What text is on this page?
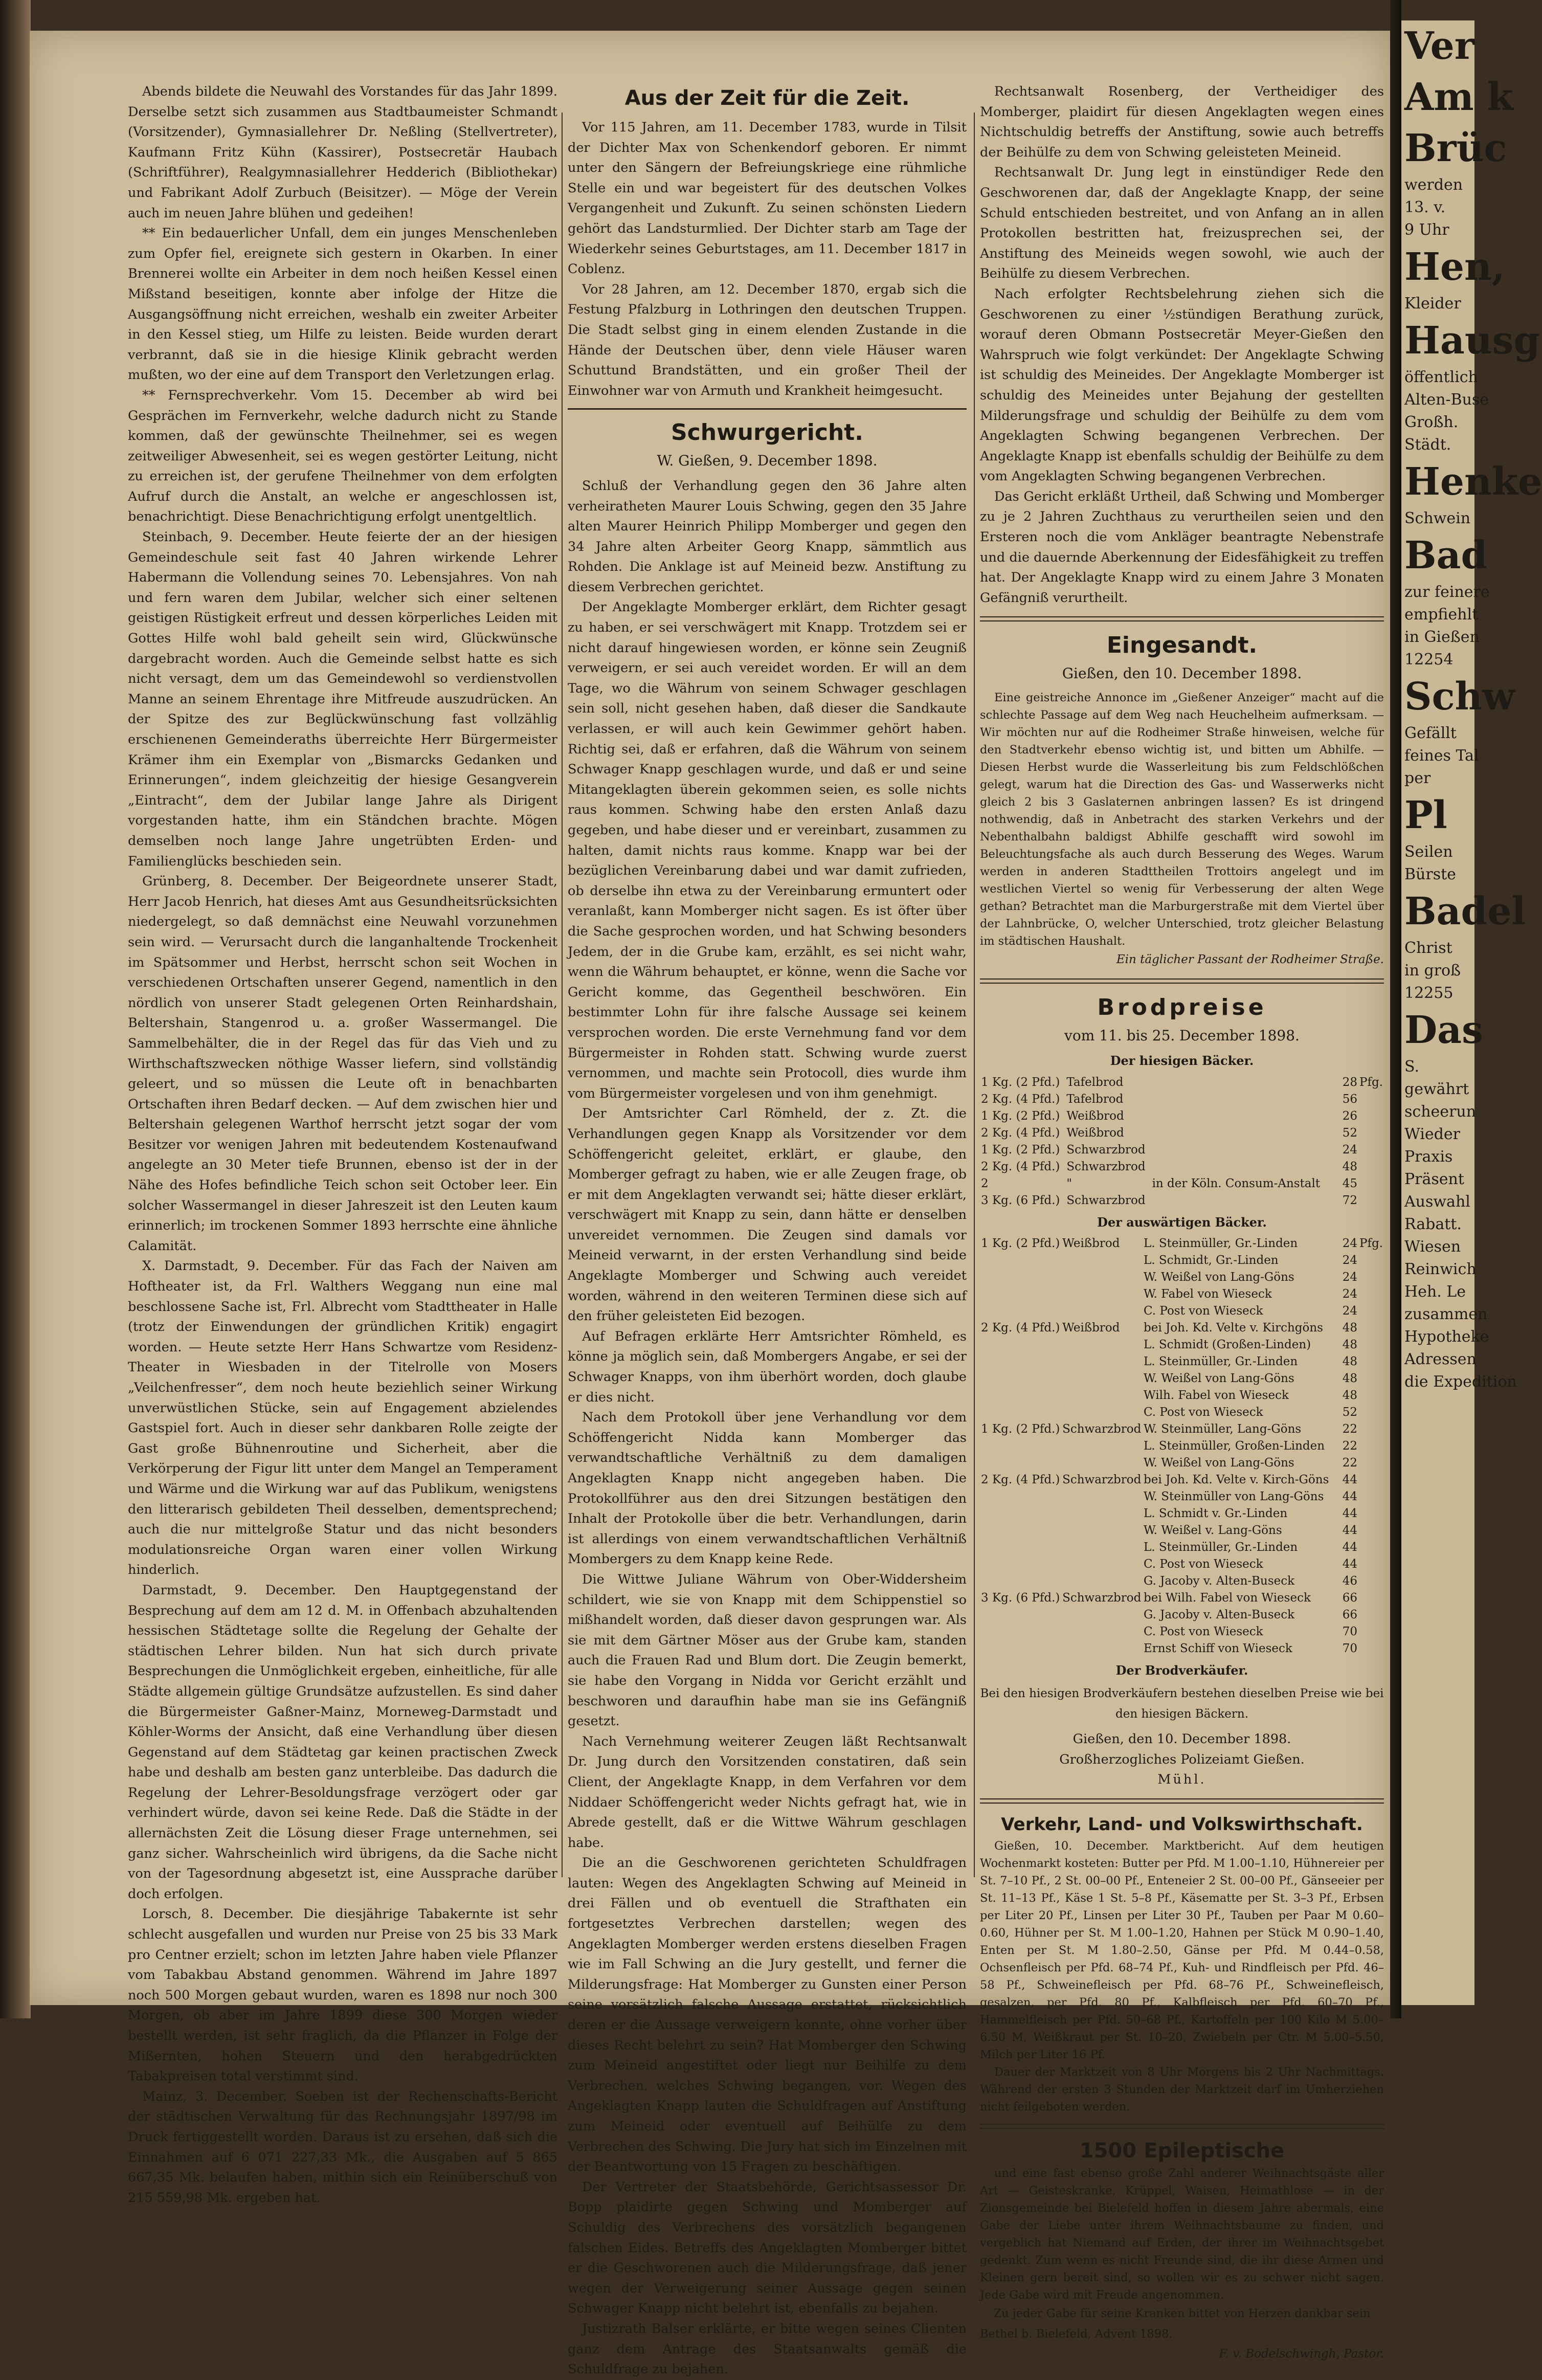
Ver
Am k
Brüc
werden
13. v.
9 Uhr
Hen,
Kleider
Hausg
öffentlich
Alten-Buse
Großh.
Städt.
Henke
Schwein
Bad
zur feinere
empfiehlt
in Gießen
12254
Schw
Gefällt
feines Tal
per
Pl
Seilen
Bürste
Badel
Christ
in groß
12255
Das
S.
gewährt
scheerun
Wieder
Praxis
Präsent
Auswahl
Rabatt.
Wiesen
Reinwich
Heh. Le
zusammen
Hypotheke
Adressen
die Expedition

Abends bildete die Neuwahl des Vorstandes für das Jahr 1899. Derselbe setzt sich zusammen aus Stadtbaumeister Schmandt (Vorsitzender), Gymnasiallehrer Dr. Neßling (Stellvertreter), Kaufmann Fritz Kühn (Kassirer), Postsecretär Haubach (Schriftführer), Realgymnasiallehrer Hedderich (Bibliothekar) und Fabrikant Adolf Zurbuch (Beisitzer). — Möge der Verein auch im neuen Jahre blühen und gedeihen!

** Ein bedauerlicher Unfall, dem ein junges Menschenleben zum Opfer fiel, ereignete sich gestern in Okarben. In einer Brennerei wollte ein Arbeiter in dem noch heißen Kessel einen Mißstand beseitigen, konnte aber infolge der Hitze die Ausgangsöffnung nicht erreichen, weshalb ein zweiter Arbeiter in den Kessel stieg, um Hilfe zu leisten. Beide wurden derart verbrannt, daß sie in die hiesige Klinik gebracht werden mußten, wo der eine auf dem Transport den Verletzungen erlag.

** Fernsprechverkehr. Vom 15. December ab wird bei Gesprächen im Fernverkehr, welche dadurch nicht zu Stande kommen, daß der gewünschte Theilnehmer, sei es wegen zeitweiliger Abwesenheit, sei es wegen gestörter Leitung, nicht zu erreichen ist, der gerufene Theilnehmer von dem erfolgten Aufruf durch die Anstalt, an welche er angeschlossen ist, benachrichtigt. Diese Benachrichtigung erfolgt unentgeltlich.

Steinbach, 9. December. Heute feierte der an der hiesigen Gemeindeschule seit fast 40 Jahren wirkende Lehrer Habermann die Vollendung seines 70. Lebensjahres. Von nah und fern waren dem Jubilar, welcher sich einer seltenen geistigen Rüstigkeit erfreut und dessen körperliches Leiden mit Gottes Hilfe wohl bald geheilt sein wird, Glückwünsche dargebracht worden. Auch die Gemeinde selbst hatte es sich nicht versagt, dem um das Gemeindewohl so verdienstvollen Manne an seinem Ehrentage ihre Mitfreude auszudrücken. An der Spitze des zur Beglückwünschung fast vollzählig erschienenen Gemeinderaths überreichte Herr Bürgermeister Krämer ihm ein Exemplar von „Bismarcks Gedanken und Erinnerungen“, indem gleichzeitig der hiesige Gesangverein „Eintracht“, dem der Jubilar lange Jahre als Dirigent vorgestanden hatte, ihm ein Ständchen brachte. Mögen demselben noch lange Jahre ungetrübten Erden- und Familienglücks beschieden sein.

Grünberg, 8. December. Der Beigeordnete unserer Stadt, Herr Jacob Henrich, hat dieses Amt aus Gesundheitsrücksichten niedergelegt, so daß demnächst eine Neuwahl vorzunehmen sein wird. — Verursacht durch die langanhaltende Trockenheit im Spätsommer und Herbst, herrscht schon seit Wochen in verschiedenen Ortschaften unserer Gegend, namentlich in den nördlich von unserer Stadt gelegenen Orten Reinhardshain, Beltershain, Stangenrod u. a. großer Wassermangel. Die Sammelbehälter, die in der Regel das für das Vieh und zu Wirthschaftszwecken nöthige Wasser liefern, sind vollständig geleert, und so müssen die Leute oft in benachbarten Ortschaften ihren Bedarf decken. — Auf dem zwischen hier und Beltershain gelegenen Warthof herrscht jetzt sogar der vom Besitzer vor wenigen Jahren mit bedeutendem Kostenaufwand angelegte an 30 Meter tiefe Brunnen, ebenso ist der in der Nähe des Hofes befindliche Teich schon seit October leer. Ein solcher Wassermangel in dieser Jahreszeit ist den Leuten kaum erinnerlich; im trockenen Sommer 1893 herrschte eine ähnliche Calamität.

X. Darmstadt, 9. December. Für das Fach der Naiven am Hoftheater ist, da Frl. Walthers Weggang nun eine mal beschlossene Sache ist, Frl. Albrecht vom Stadttheater in Halle (trotz der Einwendungen der gründlichen Kritik) engagirt worden. — Heute setzte Herr Hans Schwartze vom Residenz-Theater in Wiesbaden in der Titelrolle von Mosers „Veilchenfresser“, dem noch heute beziehlich seiner Wirkung unverwüstlichen Stücke, sein auf Engagement abzielendes Gastspiel fort. Auch in dieser sehr dankbaren Rolle zeigte der Gast große Bühnenroutine und Sicherheit, aber die Verkörperung der Figur litt unter dem Mangel an Temperament und Wärme und die Wirkung war auf das Publikum, wenigstens den litterarisch gebildeten Theil desselben, dementsprechend; auch die nur mittelgroße Statur und das nicht besonders modulationsreiche Organ waren einer vollen Wirkung hinderlich.

Darmstadt, 9. December. Den Hauptgegenstand der Besprechung auf dem am 12 d. M. in Offenbach abzuhaltenden hessischen Städtetage sollte die Regelung der Gehalte der städtischen Lehrer bilden. Nun hat sich durch private Besprechungen die Unmöglichkeit ergeben, einheitliche, für alle Städte allgemein gültige Grundsätze aufzustellen. Es sind daher die Bürgermeister Gaßner-Mainz, Morneweg-Darmstadt und Köhler-Worms der Ansicht, daß eine Verhandlung über diesen Gegenstand auf dem Städtetag gar keinen practischen Zweck habe und deshalb am besten ganz unterbleibe. Das dadurch die Regelung der Lehrer-Besoldungsfrage verzögert oder gar verhindert würde, davon sei keine Rede. Daß die Städte in der allernächsten Zeit die Lösung dieser Frage unternehmen, sei ganz sicher. Wahrscheinlich wird übrigens, da die Sache nicht von der Tagesordnung abgesetzt ist, eine Aussprache darüber doch erfolgen.

Lorsch, 8. December. Die diesjährige Tabakernte ist sehr schlecht ausgefallen und wurden nur Preise von 25 bis 33 Mark pro Centner erzielt; schon im letzten Jahre haben viele Pflanzer vom Tabakbau Abstand genommen. Während im Jahre 1897 noch 500 Morgen gebaut wurden, waren es 1898 nur noch 300 Morgen, ob aber im Jahre 1899 diese 300 Morgen wieder bestellt werden, ist sehr fraglich, da die Pflanzer in Folge der Mißernten, hohen Steuern und den herabgedrückten Tabakpreisen total verstimmt sind.

Mainz, 3. December. Soeben ist der Rechenschafts-Bericht der städtischen Verwaltung für das Rechnungsjahr 1897/98 im Druck fertiggestellt worden. Daraus ist zu ersehen, daß sich die Einnahmen auf 6 071 227,33 Mk., die Ausgaben auf 5 865 667,35 Mk. belaufen haben, mithin sich ein Reinüberschuß von 215 559,98 Mk. ergeben hat.

Aus der Zeit für die Zeit.

Vor 115 Jahren, am 11. December 1783, wurde in Tilsit der Dichter Max von Schenkendorf geboren. Er nimmt unter den Sängern der Befreiungskriege eine rühmliche Stelle ein und war begeistert für des deutschen Volkes Vergangenheit und Zukunft. Zu seinen schönsten Liedern gehört das Landsturmlied. Der Dichter starb am Tage der Wiederkehr seines Geburtstages, am 11. December 1817 in Coblenz.

Vor 28 Jahren, am 12. December 1870, ergab sich die Festung Pfalzburg in Lothringen den deutschen Truppen. Die Stadt selbst ging in einem elenden Zustande in die Hände der Deutschen über, denn viele Häuser waren Schuttund Brandstätten, und ein großer Theil der Einwohner war von Armuth und Krankheit heimgesucht.

Schwurgericht.
W. Gießen, 9. December 1898.

Schluß der Verhandlung gegen den 36 Jahre alten verheiratheten Maurer Louis Schwing, gegen den 35 Jahre alten Maurer Heinrich Philipp Momberger und gegen den 34 Jahre alten Arbeiter Georg Knapp, sämmtlich aus Rohden. Die Anklage ist auf Meineid bezw. Anstiftung zu diesem Verbrechen gerichtet.

Der Angeklagte Momberger erklärt, dem Richter gesagt zu haben, er sei verschwägert mit Knapp. Trotzdem sei er nicht darauf hingewiesen worden, er könne sein Zeugniß verweigern, er sei auch vereidet worden. Er will an dem Tage, wo die Währum von seinem Schwager geschlagen sein soll, nicht gesehen haben, daß dieser die Sandkaute verlassen, er will auch kein Gewimmer gehört haben. Richtig sei, daß er erfahren, daß die Währum von seinem Schwager Knapp geschlagen wurde, und daß er und seine Mitangeklagten überein gekommen seien, es solle nichts raus kommen. Schwing habe den ersten Anlaß dazu gegeben, und habe dieser und er vereinbart, zusammen zu halten, damit nichts raus komme. Knapp war bei der bezüglichen Vereinbarung dabei und war damit zufrieden, ob derselbe ihn etwa zu der Vereinbarung ermuntert oder veranlaßt, kann Momberger nicht sagen. Es ist öfter über die Sache gesprochen worden, und hat Schwing besonders Jedem, der in die Grube kam, erzählt, es sei nicht wahr, wenn die Währum behauptet, er könne, wenn die Sache vor Gericht komme, das Gegentheil beschwören. Ein bestimmter Lohn für ihre falsche Aussage sei keinem versprochen worden. Die erste Vernehmung fand vor dem Bürgermeister in Rohden statt. Schwing wurde zuerst vernommen, und machte sein Protocoll, dies wurde ihm vom Bürgermeister vorgelesen und von ihm genehmigt.

Der Amtsrichter Carl Römheld, der z. Zt. die Verhandlungen gegen Knapp als Vorsitzender vor dem Schöffengericht geleitet, erklärt, er glaube, den Momberger gefragt zu haben, wie er alle Zeugen frage, ob er mit dem Angeklagten verwandt sei; hätte dieser erklärt, verschwägert mit Knapp zu sein, dann hätte er denselben unvereidet vernommen. Die Zeugen sind damals vor Meineid verwarnt, in der ersten Verhandlung sind beide Angeklagte Momberger und Schwing auch vereidet worden, während in den weiteren Terminen diese sich auf den früher geleisteten Eid bezogen.

Auf Befragen erklärte Herr Amtsrichter Römheld, es könne ja möglich sein, daß Mombergers Angabe, er sei der Schwager Knapps, von ihm überhört worden, doch glaube er dies nicht.

Nach dem Protokoll über jene Verhandlung vor dem Schöffengericht Nidda kann Momberger das verwandtschaftliche Verhältniß zu dem damaligen Angeklagten Knapp nicht angegeben haben. Die Protokollführer aus den drei Sitzungen bestätigen den Inhalt der Protokolle über die betr. Verhandlungen, darin ist allerdings von einem verwandtschaftlichen Verhältniß Mombergers zu dem Knapp keine Rede.

Die Wittwe Juliane Währum von Ober-Widdersheim schildert, wie sie von Knapp mit dem Schippenstiel so mißhandelt worden, daß dieser davon gesprungen war. Als sie mit dem Gärtner Möser aus der Grube kam, standen auch die Frauen Rad und Blum dort. Die Zeugin bemerkt, sie habe den Vorgang in Nidda vor Gericht erzählt und beschworen und daraufhin habe man sie ins Gefängniß gesetzt.

Nach Vernehmung weiterer Zeugen läßt Rechtsanwalt Dr. Jung durch den Vorsitzenden constatiren, daß sein Client, der Angeklagte Knapp, in dem Verfahren vor dem Niddaer Schöffengericht weder Nichts gefragt hat, wie in Abrede gestellt, daß er die Wittwe Währum geschlagen habe.

Die an die Geschworenen gerichteten Schuldfragen lauten: Wegen des Angeklagten Schwing auf Meineid in drei Fällen und ob eventuell die Strafthaten ein fortgesetztes Verbrechen darstellen; wegen des Angeklagten Momberger werden erstens dieselben Fragen wie im Fall Schwing an die Jury gestellt, und ferner die Milderungsfrage: Hat Momberger zu Gunsten einer Person seine vorsätzlich falsche Aussage erstattet, rücksichtlich deren er die Aussage verweigern konnte, ohne vorher über dieses Recht belehrt zu sein? Hat Momberger den Schwing zum Meineid angestiftet oder liegt nur Beihilfe zu dem Verbrechen, welches Schwing begangen, vor. Wegen des Angeklagten Knapp lauten die Schuldfragen auf Anstiftung zum Meineid oder eventuell auf Beihülfe zu dem Verbrechen des Schwing. Die Jury hat sich im Einzelnen mit der Beantwortung von 15 Fragen zu beschäftigen.

Der Vertreter der Staatsbehörde, Gerichtsassessor Dr. Bopp plaidirte gegen Schwing und Momberger auf Schuldig des Verbrechens des vorsätzlich begangenen falschen Eides. Betreffs des Angeklagten Momberger bittet er die Geschworenen auch die Milderungsfrage, daß jener wegen der Verweigerung seiner Aussage gegen seinen Schwager Knapp nicht belehrt ist, ebenfalls zu bejahen.

Justizrath Balser erklärte, er bitte wegen seines Clienten ganz dem Antrage des Staatsanwalts gemäß die Schuldfrage zu bejahen.

Rechtsanwalt Rosenberg, der Vertheidiger des Momberger, plaidirt für diesen Angeklagten wegen eines Nichtschuldig betreffs der Anstiftung, sowie auch betreffs der Beihülfe zu dem von Schwing geleisteten Meineid.

Rechtsanwalt Dr. Jung legt in einstündiger Rede den Geschworenen dar, daß der Angeklagte Knapp, der seine Schuld entschieden bestreitet, und von Anfang an in allen Protokollen bestritten hat, freizusprechen sei, der Anstiftung des Meineids wegen sowohl, wie auch der Beihülfe zu diesem Verbrechen.

Nach erfolgter Rechtsbelehrung ziehen sich die Geschworenen zu einer ½stündigen Berathung zurück, worauf deren Obmann Postsecretär Meyer-Gießen den Wahrspruch wie folgt verkündet: Der Angeklagte Schwing ist schuldig des Meineides. Der Angeklagte Momberger ist schuldig des Meineides unter Bejahung der gestellten Milderungsfrage und schuldig der Beihülfe zu dem vom Angeklagten Schwing begangenen Verbrechen. Der Angeklagte Knapp ist ebenfalls schuldig der Beihülfe zu dem vom Angeklagten Schwing begangenen Verbrechen.

Das Gericht erkläßt Urtheil, daß Schwing und Momberger zu je 2 Jahren Zuchthaus zu verurtheilen seien und den Ersteren noch die vom Ankläger beantragte Nebenstrafe und die dauernde Aberkennung der Eidesfähigkeit zu treffen hat. Der Angeklagte Knapp wird zu einem Jahre 3 Monaten Gefängniß verurtheilt.

Eingesandt.
Gießen, den 10. December 1898.

Eine geistreiche Annonce im „Gießener Anzeiger“ macht auf die schlechte Passage auf dem Weg nach Heuchelheim aufmerksam. — Wir möchten nur auf die Rodheimer Straße hinweisen, welche für den Stadtverkehr ebenso wichtig ist, und bitten um Abhilfe. — Diesen Herbst wurde die Wasserleitung bis zum Feldschlößchen gelegt, warum hat die Direction des Gas- und Wasserwerks nicht gleich 2 bis 3 Gaslaternen anbringen lassen? Es ist dringend nothwendig, daß in Anbetracht des starken Verkehrs und der Nebenthalbahn baldigst Abhilfe geschafft wird sowohl im Beleuchtungsfache als auch durch Besserung des Weges. Warum werden in anderen Stadttheilen Trottoirs angelegt und im westlichen Viertel so wenig für Verbesserung der alten Wege gethan? Betrachtet man die Marburgerstraße mit dem Viertel über der Lahnbrücke, O, welcher Unterschied, trotz gleicher Belastung im städtischen Haushalt.

Ein täglicher Passant der Rodheimer Straße.

Brodpreise
vom 11. bis 25. December 1898.
Der hiesigen Bäcker.
1 Kg. (2 Pfd.)	Tafelbrod		28	Pfg.
2 Kg. (4 Pfd.)	Tafelbrod		56	
1 Kg. (2 Pfd.)	Weißbrod		26	
2 Kg. (4 Pfd.)	Weißbrod		52	
1 Kg. (2 Pfd.)	Schwarzbrod		24	
2 Kg. (4 Pfd.)	Schwarzbrod		48	
2	"	in der Köln. Consum-Anstalt	45	
3 Kg. (6 Pfd.)	Schwarzbrod		72	
Der auswärtigen Bäcker.
1 Kg. (2 Pfd.)	Weißbrod	L. Steinmüller, Gr.-Linden	24	Pfg.
		L. Schmidt, Gr.-Linden	24	
		W. Weißel von Lang-Göns	24	
		W. Fabel von Wieseck	24	
		C. Post von Wieseck	24	
2 Kg. (4 Pfd.)	Weißbrod	bei Joh. Kd. Velte v. Kirchgöns	48	
		L. Schmidt (Großen-Linden)	48	
		L. Steinmüller, Gr.-Linden	48	
		W. Weißel von Lang-Göns	48	
		Wilh. Fabel von Wieseck	48	
		C. Post von Wieseck	52	
1 Kg. (2 Pfd.)	Schwarzbrod	W. Steinmüller, Lang-Göns	22	
		L. Steinmüller, Großen-Linden	22	
		W. Weißel von Lang-Göns	22	
2 Kg. (4 Pfd.)	Schwarzbrod	bei Joh. Kd. Velte v. Kirch-Göns	44	
		W. Steinmüller von Lang-Göns	44	
		L. Schmidt v. Gr.-Linden	44	
		W. Weißel v. Lang-Göns	44	
		L. Steinmüller, Gr.-Linden	44	
		C. Post von Wieseck	44	
		G. Jacoby v. Alten-Buseck	46	
3 Kg. (6 Pfd.)	Schwarzbrod	bei Wilh. Fabel von Wieseck	66	
		G. Jacoby v. Alten-Buseck	66	
		C. Post von Wieseck	70	
		Ernst Schiff von Wieseck	70	
Der Brodverkäufer.

Bei den hiesigen Brodverkäufern bestehen dieselben Preise wie bei den hiesigen Bäckern.

Gießen, den 10. December 1898.

Großherzogliches Polizeiamt Gießen.

Mühl.

Verkehr, Land- und Volkswirthschaft.

Gießen, 10. December. Marktbericht. Auf dem heutigen Wochenmarkt kosteten: Butter per Pfd. M 1.00–1.10, Hühnereier per St. 7–10 Pf., 2 St. 00–00 Pf., Enteneier 2 St. 00–00 Pf., Gänseeier per St. 11–13 Pf., Käse 1 St. 5–8 Pf., Käsematte per St. 3–3 Pf., Erbsen per Liter 20 Pf., Linsen per Liter 30 Pf., Tauben per Paar M 0.60–0.60, Hühner per St. M 1.00–1.20, Hahnen per Stück M 0.90–1.40, Enten per St. M 1.80–2.50, Gänse per Pfd. M 0.44–0.58, Ochsenfleisch per Pfd. 68–74 Pf., Kuh- und Rindfleisch per Pfd. 46–58 Pf., Schweinefleisch per Pfd. 68–76 Pf., Schweinefleisch, gesalzen, per Pfd. 80 Pf., Kalbfleisch per Pfd. 60–70 Pf., Hammelfleisch per Pfd. 50–68 Pf., Kartoffeln per 100 Kilo M 5.00–6.50 M, Weißkraut per St. 10–20, Zwiebeln per Ctr. M 5.00–5.50, Milch per Liter 16 Pf.

Dauer der Marktzeit von 8 Uhr Morgens bis 2 Uhr Nachmittags. Während der ersten 3 Stunden der Marktzeit darf im Umherziehen nicht feilgeboten werden.

1500 Epileptische

und eine fast ebenso große Zahl anderer Weihnachtsgäste aller Art — Geisteskranke, Krüppel, Waisen, Heimathlose — in der Zionsgemeinde bei Bielefeld hoffen in diesem Jahre abermals, eine Gabe der Liebe unter ihrem Weihnachtsbaume zu finden, und vergeblich hat Niemand auf Erden, der ihrer im Weihnachtsgebet gedenkt. Zum wenn es nicht Freunde sind, die ihr diese Armen und Kleinen gern bereit sind, so wollen wir es zu schwer nicht sagen. Jede Gabe wird mit Freude angenommen.

Zu jeder Gabe für seine Kranken bittet von Herzen dankbar sein

Bethel b. Bielefeld, Advent 1898.

F. v. Bodelschwingh, Pastor.
